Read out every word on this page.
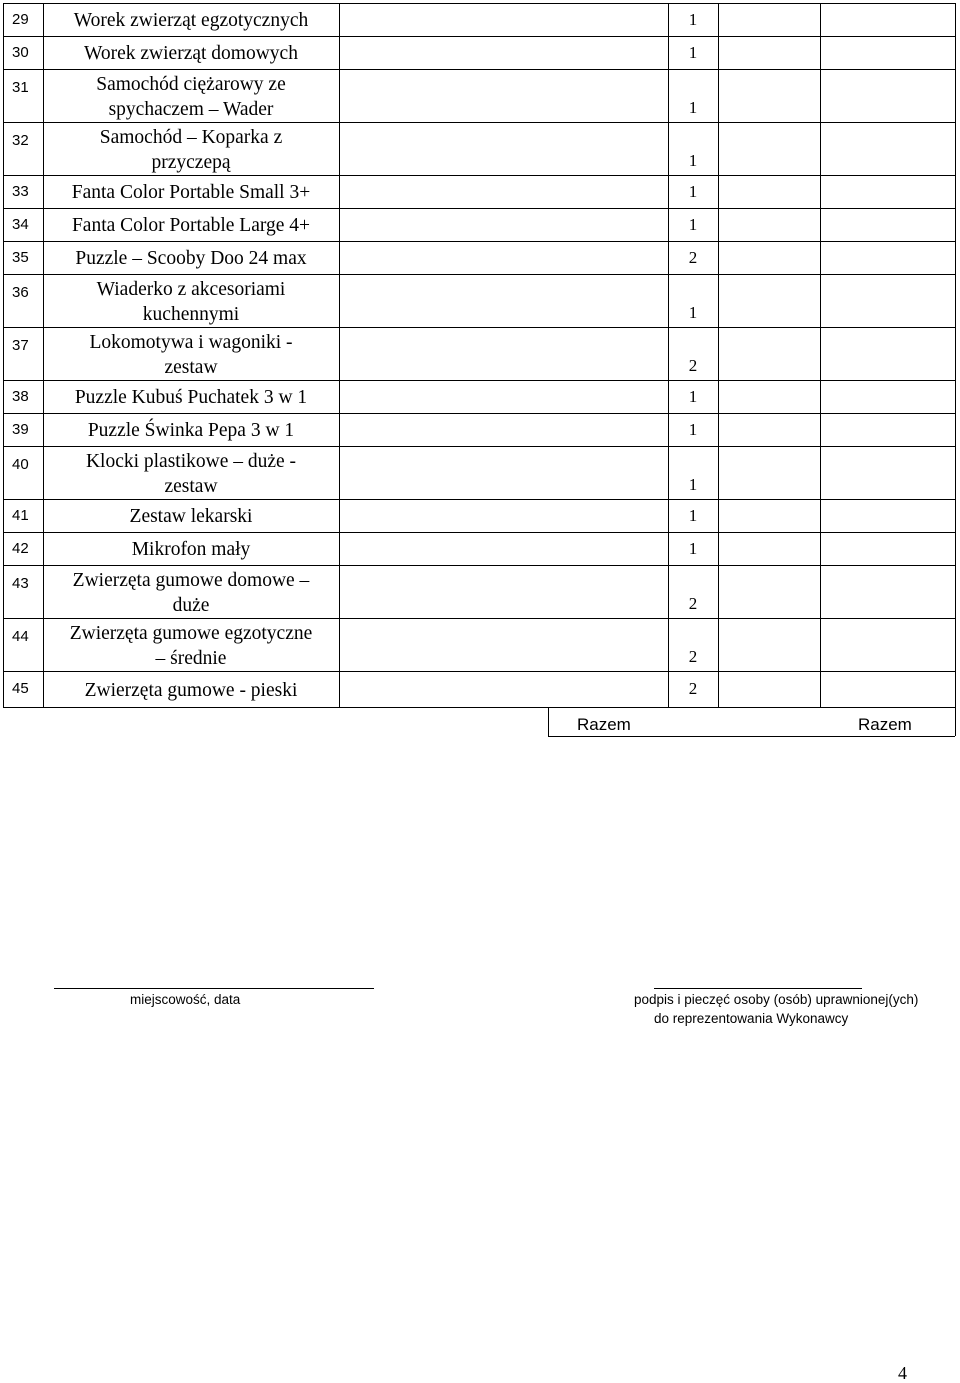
29	Worek zwierząt egzotycznych	1
30	Worek zwierząt domowych	1
31	Samochód ciężarowy ze
spychaczem – Wader	1
32	Samochód – Koparka z
przyczepą	1
33	Fanta Color Portable Small 3+	1
34	Fanta Color Portable Large 4+	1
35	Puzzle – Scooby Doo 24 max	2
36	Wiaderko z akcesoriami
kuchennymi	1
37	Lokomotywa i wagoniki -
zestaw	2
38	Puzzle Kubuś Puchatek 3 w 1	1
39	Puzzle Świnka Pepa 3 w 1	1
40	Klocki plastikowe – duże -
zestaw	1
41	Zestaw lekarski	1
42	Mikrofon mały	1
43	Zwierzęta gumowe domowe –
duże	2
44	Zwierzęta gumowe egzotyczne
– średnie	2
45	Zwierzęta gumowe - pieski	2
Razem	Razem
miejscowość, data	podpis i pieczęć osoby (osób) uprawnionej(ych)
do reprezentowania Wykonawcy
4
